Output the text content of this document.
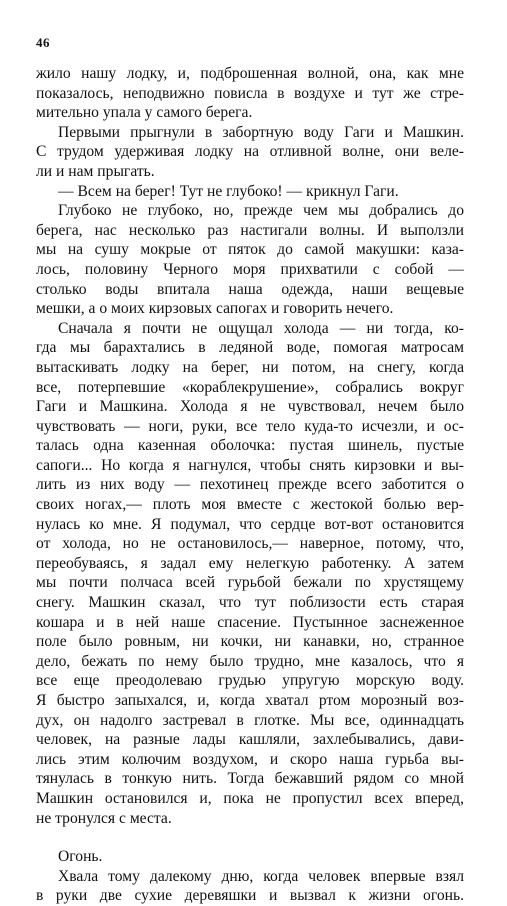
46
жило нашу лодку, и, подброшенная волной, она, как мне
показалось, неподвижно повисла в воздухе и тут же стре-
мительно упала у самого берега.
Первыми прыгнули в забортную воду Гаги и Машкин.
С трудом удерживая лодку на отливной волне, они веле-
ли и нам прыгать.
— Всем на берег! Тут не глубоко! — крикнул Гаги.
Глубоко не глубоко, но, прежде чем мы добрались до
берега, нас несколько раз настигали волны. И выползли
мы на сушу мокрые от пяток до самой макушки: каза-
лось, половину Черного моря прихватили с собой —
столько воды впитала наша одежда, наши вещевые
мешки, а о моих кирзовых сапогах и говорить нечего.
Сначала я почти не ощущал холода — ни тогда, ко-
гда мы барахтались в ледяной воде, помогая матросам
вытаскивать лодку на берег, ни потом, на снегу, когда
все, потерпевшие «кораблекрушение», собрались вокруг
Гаги и Машкина. Холода я не чувствовал, нечем было
чувствовать — ноги, руки, все тело куда-то исчезли, и ос-
талась одна казенная оболочка: пустая шинель, пустые
сапоги... Но когда я нагнулся, чтобы снять кирзовки и вы-
лить из них воду — пехотинец прежде всего заботится о
своих ногах,— плоть моя вместе с жестокой болью вер-
нулась ко мне. Я подумал, что сердце вот-вот остановится
от холода, но не остановилось,— наверное, потому, что,
переобуваясь, я задал ему нелегкую работенку. А затем
мы почти полчаса всей гурьбой бежали по хрустящему
снегу. Машкин сказал, что тут поблизости есть старая
кошара и в ней наше спасение. Пустынное заснеженное
поле было ровным, ни кочки, ни канавки, но, странное
дело, бежать по нему было трудно, мне казалось, что я
все еще преодолеваю грудью упругую морскую воду.
Я быстро запыхался, и, когда хватал ртом морозный воз-
дух, он надолго застревал в глотке. Мы все, одиннадцать
человек, на разные лады кашляли, захлебывались, дави-
лись этим колючим воздухом, и скоро наша гурьба вы-
тянулась в тонкую нить. Тогда бежавший рядом со мной
Машкин остановился и, пока не пропустил всех вперед,
не тронулся с места.
Огонь.
Хвала тому далекому дню, когда человек впервые взял
в руки две сухие деревяшки и вызвал к жизни огонь.
